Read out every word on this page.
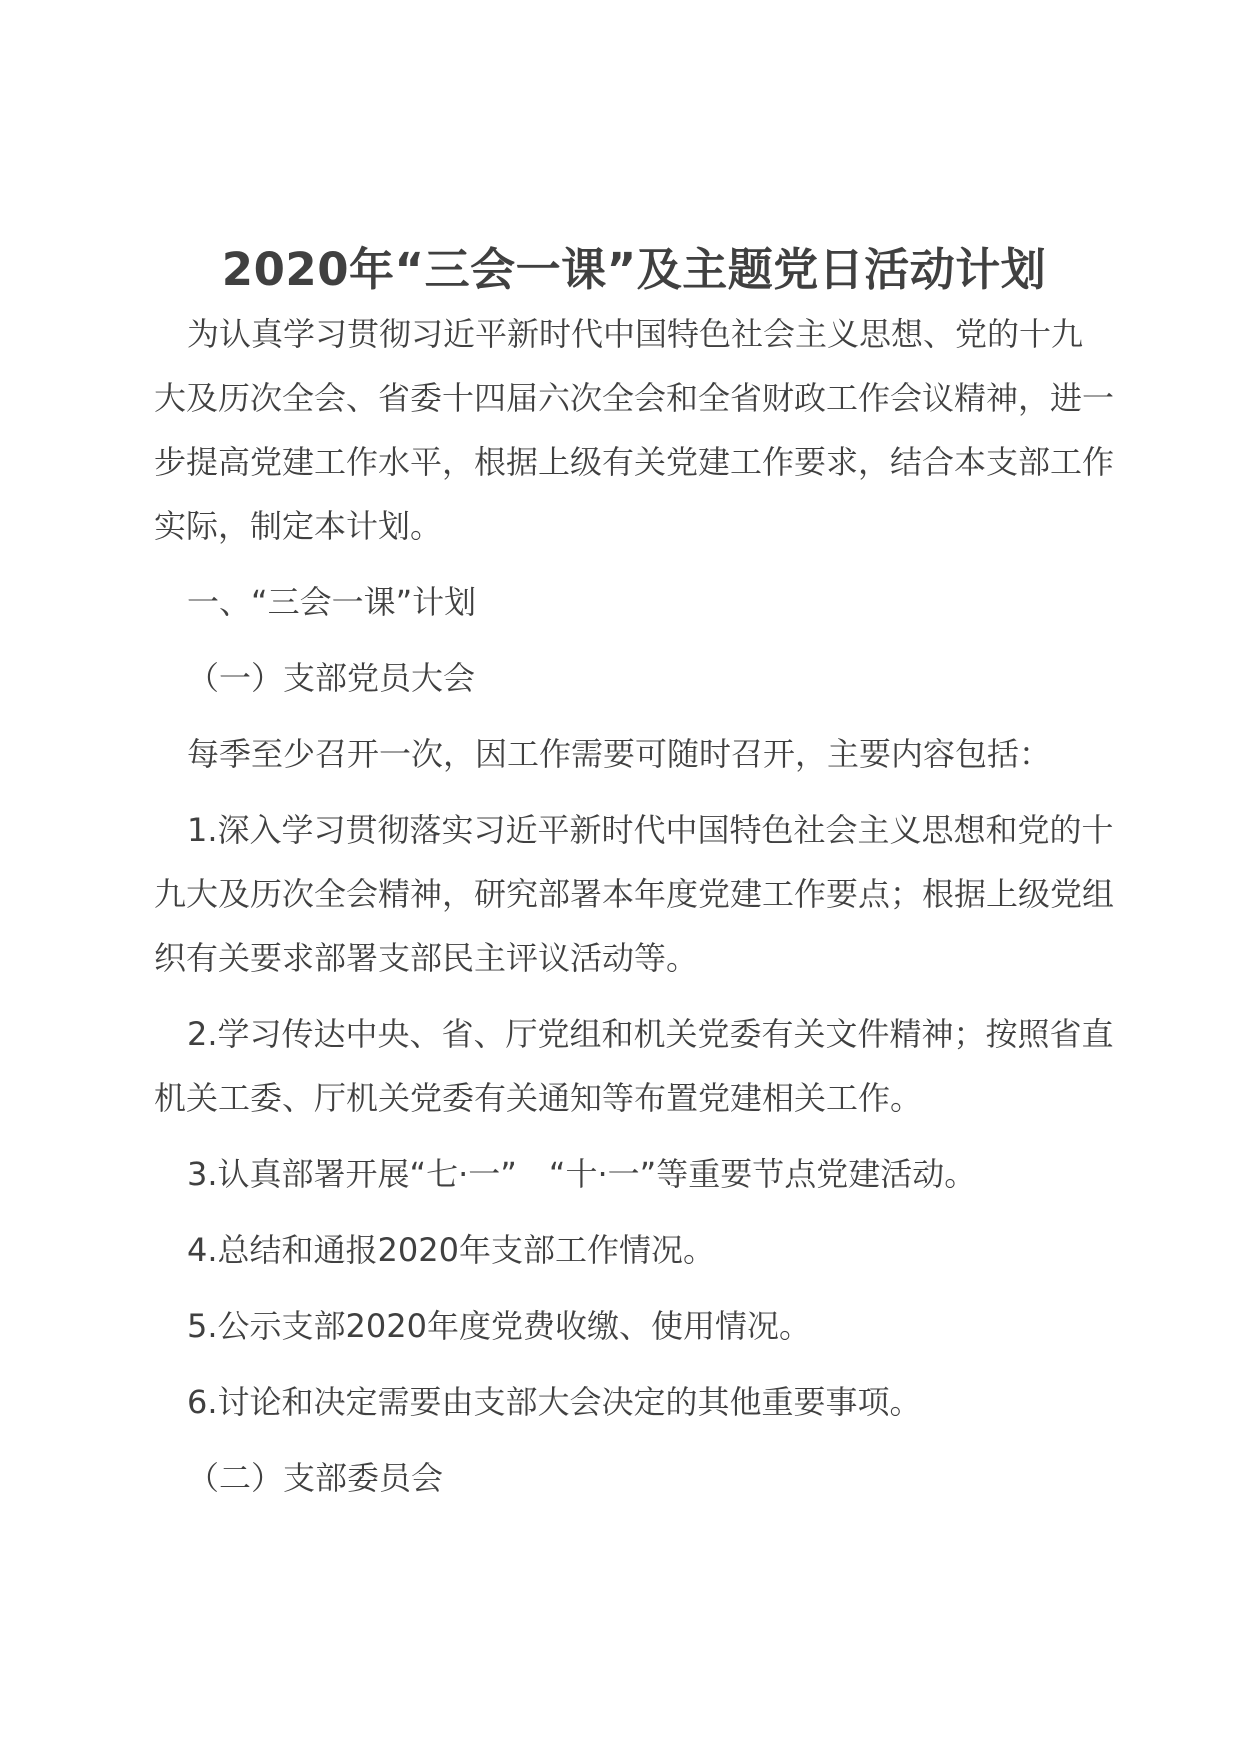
2020年“三会一课”及主题党日活动计划

为认真学习贯彻习近平新时代中国特色社会主义思想、党的十九大及历次全会、省委十四届六次全会和全省财政工作会议精神，进一步提高党建工作水平，根据上级有关党建工作要求，结合本支部工作实际，制定本计划。

一、“三会一课”计划

（一）支部党员大会

每季至少召开一次，因工作需要可随时召开，主要内容包括：

1.深入学习贯彻落实习近平新时代中国特色社会主义思想和党的十九大及历次全会精神，研究部署本年度党建工作要点；根据上级党组织有关要求部署支部民主评议活动等。

2.学习传达中央、省、厅党组和机关党委有关文件精神；按照省直机关工委、厅机关党委有关通知等布置党建相关工作。

3.认真部署开展“七·一”　“十·一”等重要节点党建活动。

4.总结和通报2020年支部工作情况。

5.公示支部2020年度党费收缴、使用情况。

6.讨论和决定需要由支部大会决定的其他重要事项。

（二）支部委员会
